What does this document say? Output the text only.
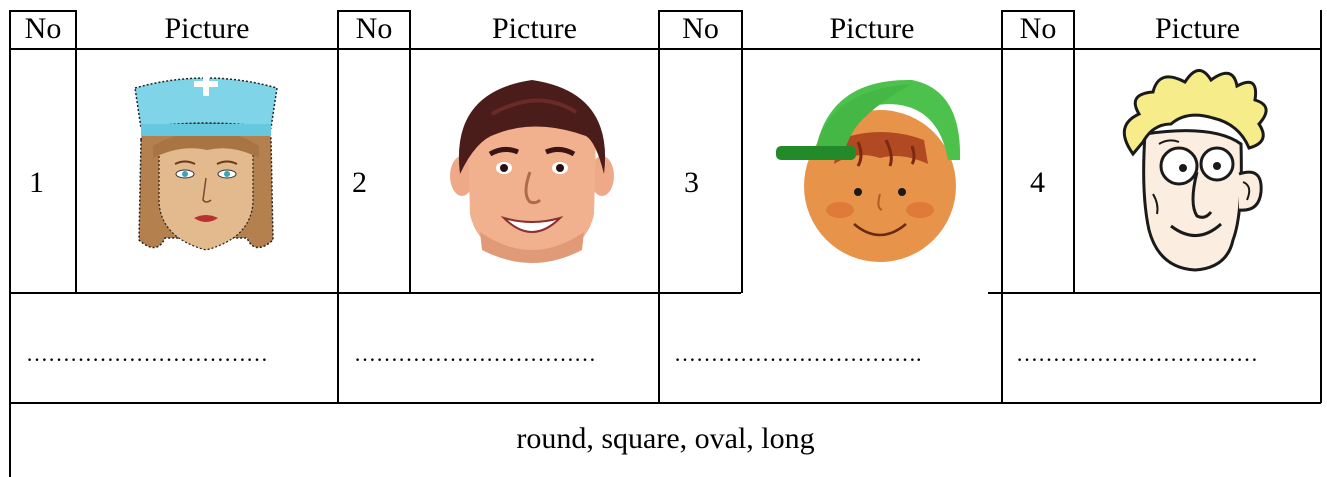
No	Picture	No	Picture	No	Picture	No	Picture
1	2	3	4
……………………………	……………………………	…………………………….	……………………………
round, square, oval, long
